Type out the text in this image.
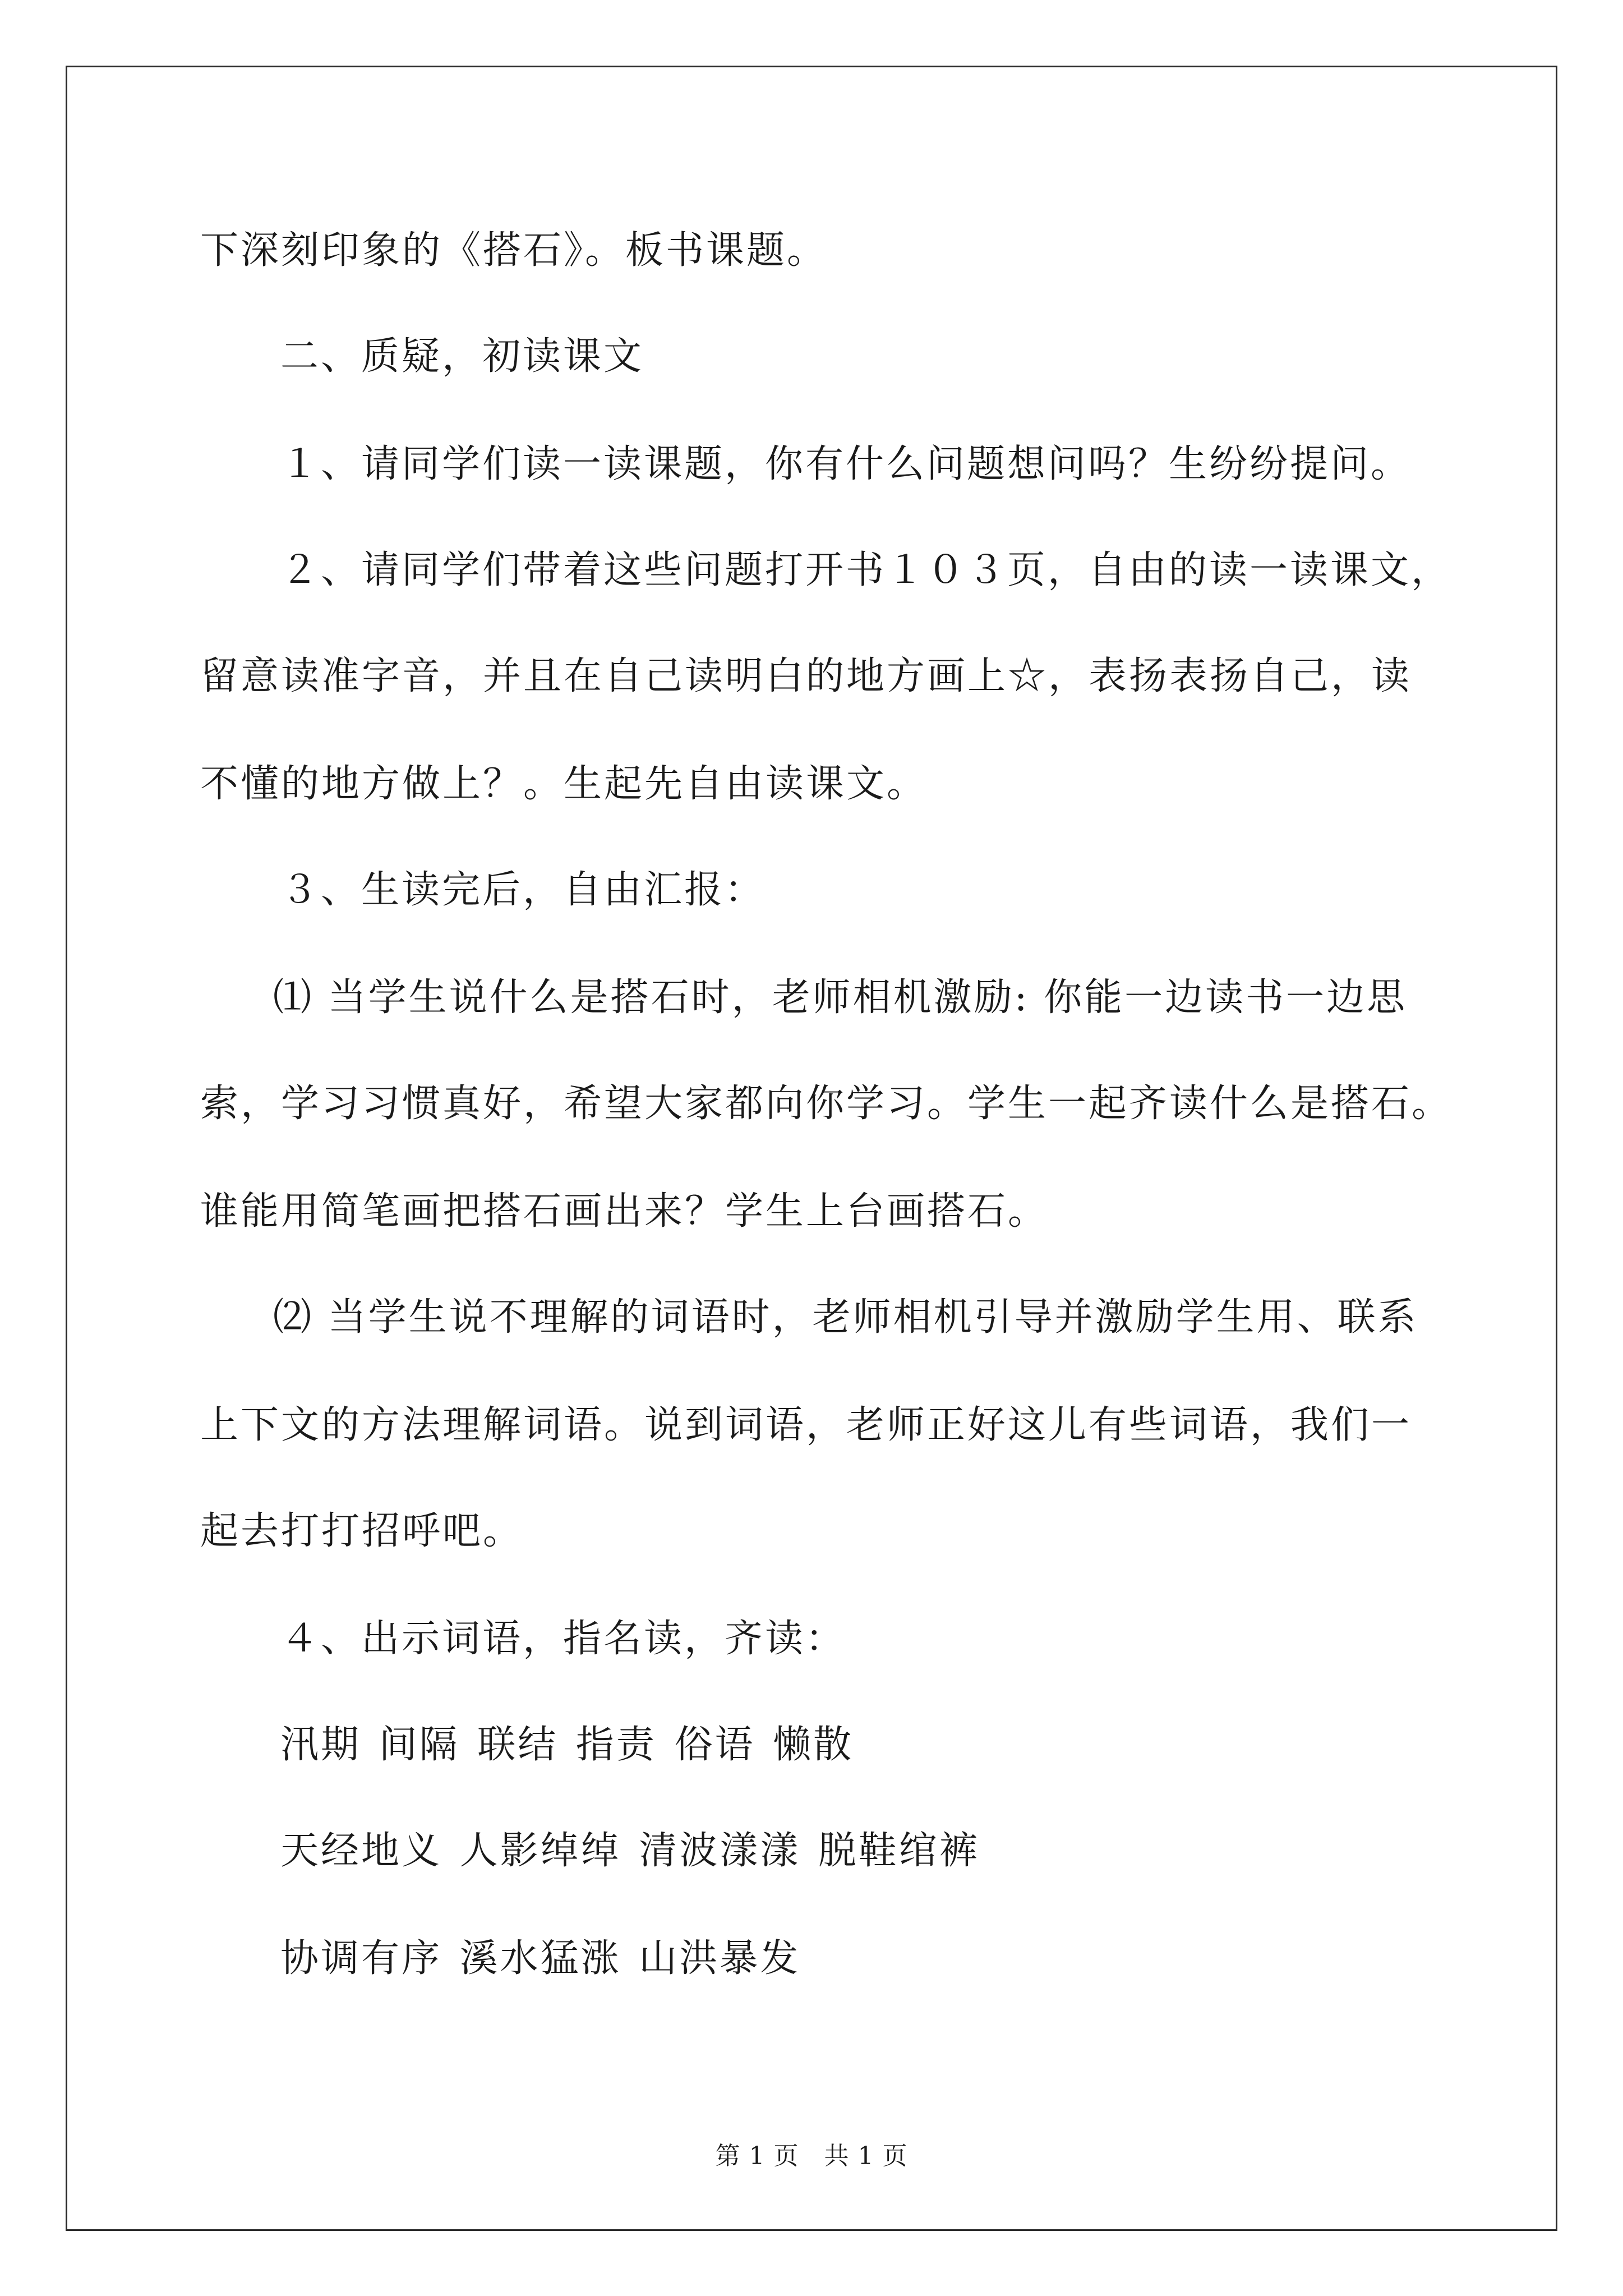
下深刻印象的《搭石》。板书课题。
二、质疑，初读课文
１、请同学们读一读课题，你有什么问题想问吗？生纷纷提问。
２、请同学们带着这些问题打开书１０３页，自由的读一读课文，
留意读准字音，并且在自己读明白的地方画上☆，表扬表扬自己，读
不懂的地方做上？。生起先自由读课文。
３、生读完后，自由汇报：
⑴ 当学生说什么是搭石时，老师相机激励: 你能一边读书一边思
索，学习习惯真好，希望大家都向你学习。学生一起齐读什么是搭石。
谁能用简笔画把搭石画出来？学生上台画搭石。
⑵ 当学生说不理解的词语时，老师相机引导并激励学生用、联系
上下文的方法理解词语。说到词语，老师正好这儿有些词语，我们一
起去打打招呼吧。
４、出示词语，指名读，齐读：
汛期 间隔 联结 指责 俗语 懒散
天经地义 人影绰绰 清波漾漾 脱鞋绾裤
协调有序 溪水猛涨 山洪暴发
第 1 页　共 1 页
